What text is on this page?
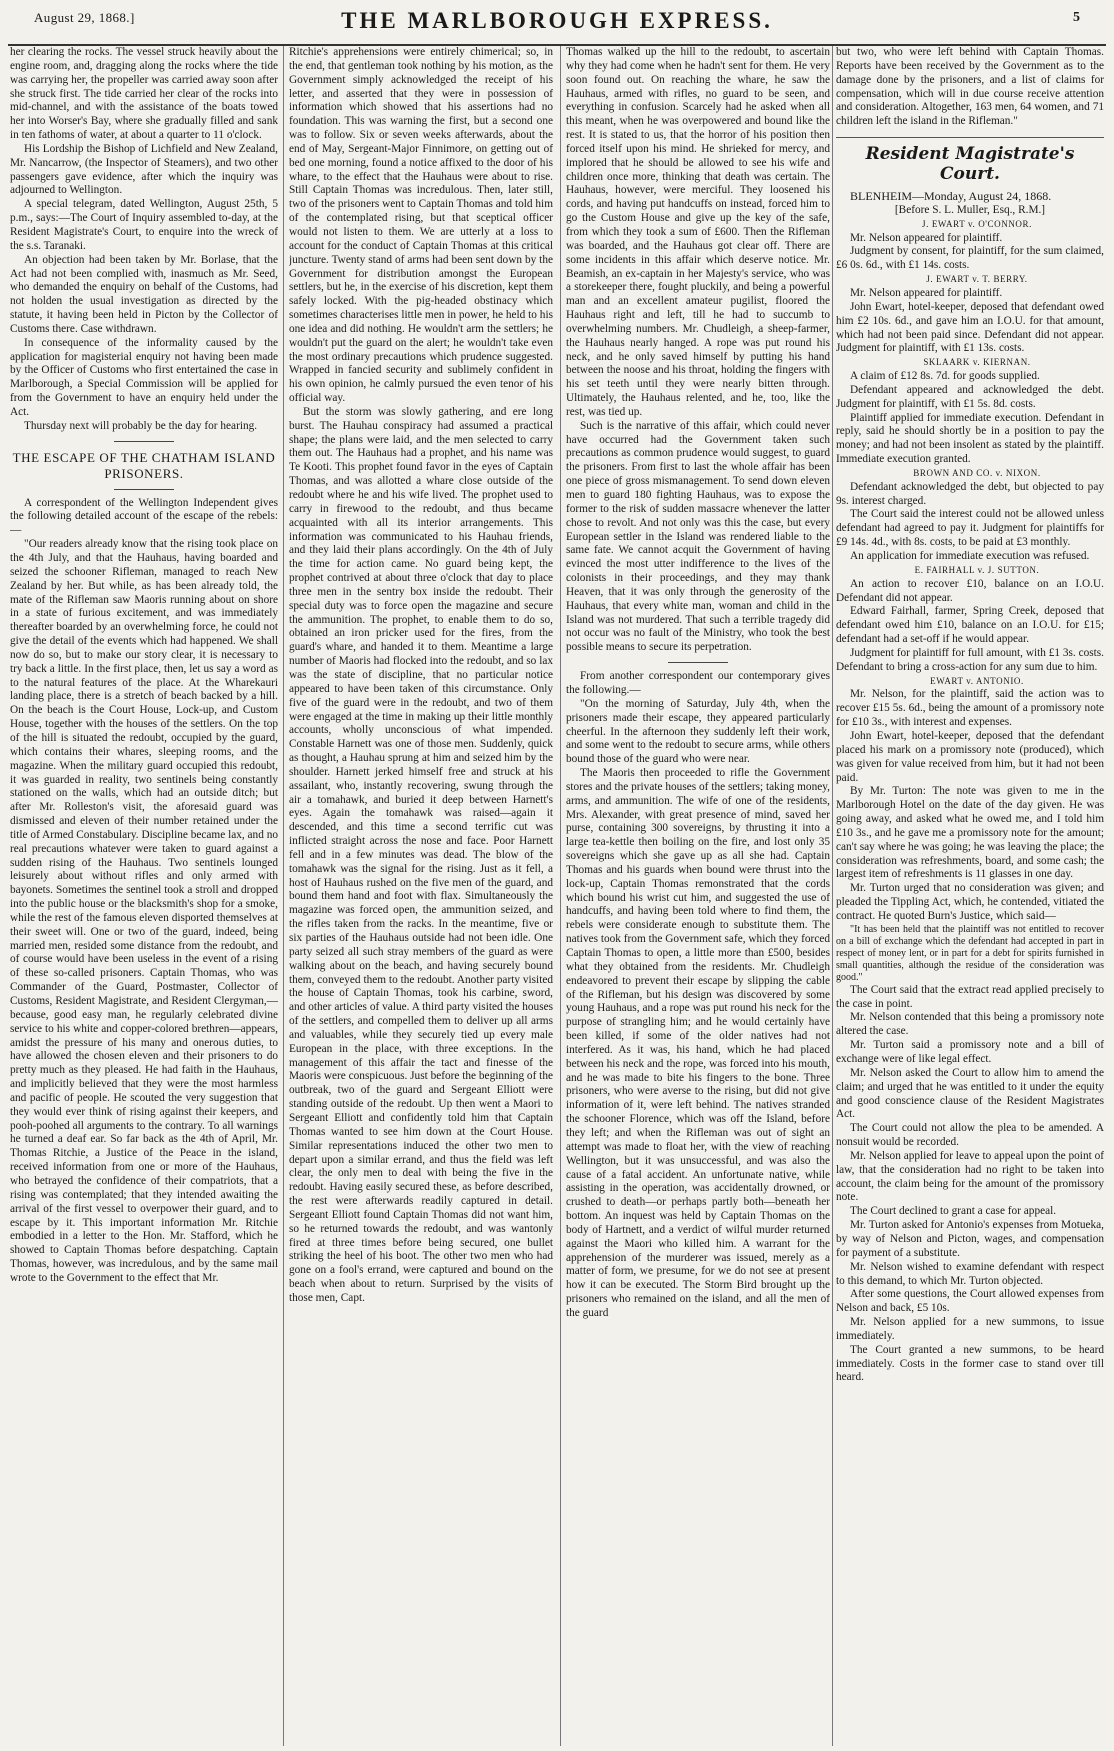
August 29, 1868.]	THE MARLBOROUGH EXPRESS.	5

her clearing the rocks. The vessel struck heavily about the engine room, and, dragging along the rocks where the tide was carrying her, the propeller was carried away soon after she struck first. The tide carried her clear of the rocks into mid-channel, and with the assistance of the boats towed her into Worser's Bay, where she gradually filled and sank in ten fathoms of water, at about a quarter to 11 o'clock.

His Lordship the Bishop of Lichfield and New Zealand, Mr. Nancarrow, (the Inspector of Steamers), and two other passengers gave evidence, after which the inquiry was adjourned to Wellington.

A special telegram, dated Wellington, August 25th, 5 p.m., says:—The Court of Inquiry assembled to-day, at the Resident Magistrate's Court, to enquire into the wreck of the s.s. Taranaki.

An objection had been taken by Mr. Borlase, that the Act had not been complied with, inasmuch as Mr. Seed, who demanded the enquiry on behalf of the Customs, had not holden the usual investigation as directed by the statute, it having been held in Picton by the Collector of Customs there. Case withdrawn.

In consequence of the informality caused by the application for magisterial enquiry not having been made by the Officer of Customs who first entertained the case in Marlborough, a Special Commission will be applied for from the Government to have an enquiry held under the Act.

Thursday next will probably be the day for hearing.

THE ESCAPE OF THE CHATHAM ISLAND PRISONERS.

A correspondent of the Wellington Independent gives the following detailed account of the escape of the rebels:—

"Our readers already know that the rising took place on the 4th July, and that the Hauhaus, having boarded and seized the schooner Rifleman, managed to reach New Zealand by her. But while, as has been already told, the mate of the Rifleman saw Maoris running about on shore in a state of furious excitement, and was immediately thereafter boarded by an overwhelming force, he could not give the detail of the events which had happened. We shall now do so, but to make our story clear, it is necessary to try back a little. In the first place, then, let us say a word as to the natural features of the place. At the Wharekauri landing place, there is a stretch of beach backed by a hill. On the beach is the Court House, Lock-up, and Custom House, together with the houses of the settlers. On the top of the hill is situated the redoubt, occupied by the guard, which contains their whares, sleeping rooms, and the magazine. When the military guard occupied this redoubt, it was guarded in reality, two sentinels being constantly stationed on the walls, which had an outside ditch; but after Mr. Rolleston's visit, the aforesaid guard was dismissed and eleven of their number retained under the title of Armed Constabulary. Discipline became lax, and no real precautions whatever were taken to guard against a sudden rising of the Hauhaus. Two sentinels lounged leisurely about without rifles and only armed with bayonets. Sometimes the sentinel took a stroll and dropped into the public house or the blacksmith's shop for a smoke, while the rest of the famous eleven disported themselves at their sweet will. One or two of the guard, indeed, being married men, resided some distance from the redoubt, and of course would have been useless in the event of a rising of these so-called prisoners. Captain Thomas, who was Commander of the Guard, Postmaster, Collector of Customs, Resident Magistrate, and Resident Clergyman,—because, good easy man, he regularly celebrated divine service to his white and copper-colored brethren—appears, amidst the pressure of his many and onerous duties, to have allowed the chosen eleven and their prisoners to do pretty much as they pleased. He had faith in the Hauhaus, and implicitly believed that they were the most harmless and pacific of people. He scouted the very suggestion that they would ever think of rising against their keepers, and pooh-poohed all arguments to the contrary. To all warnings he turned a deaf ear. So far back as the 4th of April, Mr. Thomas Ritchie, a Justice of the Peace in the island, received information from one or more of the Hauhaus, who betrayed the confidence of their compatriots, that a rising was contemplated; that they intended awaiting the arrival of the first vessel to overpower their guard, and to escape by it. This important information Mr. Ritchie embodied in a letter to the Hon. Mr. Stafford, which he showed to Captain Thomas before despatching. Captain Thomas, however, was incredulous, and by the same mail wrote to the Government to the effect that Mr.

Ritchie's apprehensions were entirely chimerical; so, in the end, that gentleman took nothing by his motion, as the Government simply acknowledged the receipt of his letter, and asserted that they were in possession of information which showed that his assertions had no foundation. This was warning the first, but a second one was to follow. Six or seven weeks afterwards, about the end of May, Sergeant-Major Finnimore, on getting out of bed one morning, found a notice affixed to the door of his whare, to the effect that the Hauhaus were about to rise. Still Captain Thomas was incredulous. Then, later still, two of the prisoners went to Captain Thomas and told him of the contemplated rising, but that sceptical officer would not listen to them. We are utterly at a loss to account for the conduct of Captain Thomas at this critical juncture. Twenty stand of arms had been sent down by the Government for distribution amongst the European settlers, but he, in the exercise of his discretion, kept them safely locked. With the pig-headed obstinacy which sometimes characterises little men in power, he held to his one idea and did nothing. He wouldn't arm the settlers; he wouldn't put the guard on the alert; he wouldn't take even the most ordinary precautions which prudence suggested. Wrapped in fancied security and sublimely confident in his own opinion, he calmly pursued the even tenor of his official way.

But the storm was slowly gathering, and ere long burst. The Hauhau conspiracy had assumed a practical shape; the plans were laid, and the men selected to carry them out. The Hauhaus had a prophet, and his name was Te Kooti. This prophet found favor in the eyes of Captain Thomas, and was allotted a whare close outside of the redoubt where he and his wife lived. The prophet used to carry in firewood to the redoubt, and thus became acquainted with all its interior arrangements. This information was communicated to his Hauhau friends, and they laid their plans accordingly. On the 4th of July the time for action came. No guard being kept, the prophet contrived at about three o'clock that day to place three men in the sentry box inside the redoubt. Their special duty was to force open the magazine and secure the ammunition. The prophet, to enable them to do so, obtained an iron pricker used for the fires, from the guard's whare, and handed it to them. Meantime a large number of Maoris had flocked into the redoubt, and so lax was the state of discipline, that no particular notice appeared to have been taken of this circumstance. Only five of the guard were in the redoubt, and two of them were engaged at the time in making up their little monthly accounts, wholly unconscious of what impended. Constable Harnett was one of those men. Suddenly, quick as thought, a Hauhau sprung at him and seized him by the shoulder. Harnett jerked himself free and struck at his assailant, who, instantly recovering, swung through the air a tomahawk, and buried it deep between Harnett's eyes. Again the tomahawk was raised—again it descended, and this time a second terrific cut was inflicted straight across the nose and face. Poor Harnett fell and in a few minutes was dead. The blow of the tomahawk was the signal for the rising. Just as it fell, a host of Hauhaus rushed on the five men of the guard, and bound them hand and foot with flax. Simultaneously the magazine was forced open, the ammunition seized, and the rifles taken from the racks. In the meantime, five or six parties of the Hauhaus outside had not been idle. One party seized all such stray members of the guard as were walking about on the beach, and having securely bound them, conveyed them to the redoubt. Another party visited the house of Captain Thomas, took his carbine, sword, and other articles of value. A third party visited the houses of the settlers, and compelled them to deliver up all arms and valuables, while they securely tied up every male European in the place, with three exceptions. In the management of this affair the tact and finesse of the Maoris were conspicuous. Just before the beginning of the outbreak, two of the guard and Sergeant Elliott were standing outside of the redoubt. Up then went a Maori to Sergeant Elliott and confidently told him that Captain Thomas wanted to see him down at the Court House. Similar representations induced the other two men to depart upon a similar errand, and thus the field was left clear, the only men to deal with being the five in the redoubt. Having easily secured these, as before described, the rest were afterwards readily captured in detail. Sergeant Elliott found Captain Thomas did not want him, so he returned towards the redoubt, and was wantonly fired at three times before being secured, one bullet striking the heel of his boot. The other two men who had gone on a fool's errand, were captured and bound on the beach when about to return. Surprised by the visits of those men, Capt.

Thomas walked up the hill to the redoubt, to ascertain why they had come when he hadn't sent for them. He very soon found out. On reaching the whare, he saw the Hauhaus, armed with rifles, no guard to be seen, and everything in confusion. Scarcely had he asked when all this meant, when he was overpowered and bound like the rest. It is stated to us, that the horror of his position then forced itself upon his mind. He shrieked for mercy, and implored that he should be allowed to see his wife and children once more, thinking that death was certain. The Hauhaus, however, were merciful. They loosened his cords, and having put handcuffs on instead, forced him to go the Custom House and give up the key of the safe, from which they took a sum of £600. Then the Rifleman was boarded, and the Hauhaus got clear off. There are some incidents in this affair which deserve notice. Mr. Beamish, an ex-captain in her Majesty's service, who was a storekeeper there, fought pluckily, and being a powerful man and an excellent amateur pugilist, floored the Hauhaus right and left, till he had to succumb to overwhelming numbers. Mr. Chudleigh, a sheep-farmer, the Hauhaus nearly hanged. A rope was put round his neck, and he only saved himself by putting his hand between the noose and his throat, holding the fingers with his set teeth until they were nearly bitten through. Ultimately, the Hauhaus relented, and he, too, like the rest, was tied up.

Such is the narrative of this affair, which could never have occurred had the Government taken such precautions as common prudence would suggest, to guard the prisoners. From first to last the whole affair has been one piece of gross mismanagement. To send down eleven men to guard 180 fighting Hauhaus, was to expose the former to the risk of sudden massacre whenever the latter chose to revolt. And not only was this the case, but every European settler in the Island was rendered liable to the same fate. We cannot acquit the Government of having evinced the most utter indifference to the lives of the colonists in their proceedings, and they may thank Heaven, that it was only through the generosity of the Hauhaus, that every white man, woman and child in the Island was not murdered. That such a terrible tragedy did not occur was no fault of the Ministry, who took the best possible means to secure its perpetration.

From another correspondent our contemporary gives the following.—

"On the morning of Saturday, July 4th, when the prisoners made their escape, they appeared particularly cheerful. In the afternoon they suddenly left their work, and some went to the redoubt to secure arms, while others bound those of the guard who were near.

The Maoris then proceeded to rifle the Government stores and the private houses of the settlers; taking money, arms, and ammunition. The wife of one of the residents, Mrs. Alexander, with great presence of mind, saved her purse, containing 300 sovereigns, by thrusting it into a large tea-kettle then boiling on the fire, and lost only 35 sovereigns which she gave up as all she had. Captain Thomas and his guards when bound were thrust into the lock-up, Captain Thomas remonstrated that the cords which bound his wrist cut him, and suggested the use of handcuffs, and having been told where to find them, the rebels were considerate enough to substitute them. The natives took from the Government safe, which they forced Captain Thomas to open, a little more than £500, besides what they obtained from the residents. Mr. Chudleigh endeavored to prevent their escape by slipping the cable of the Rifleman, but his design was discovered by some young Hauhaus, and a rope was put round his neck for the purpose of strangling him; and he would certainly have been killed, if some of the older natives had not interfered. As it was, his hand, which he had placed between his neck and the rope, was forced into his mouth, and he was made to bite his fingers to the bone. Three prisoners, who were averse to the rising, but did not give information of it, were left behind. The natives stranded the schooner Florence, which was off the Island, before they left; and when the Rifleman was out of sight an attempt was made to float her, with the view of reaching Wellington, but it was unsuccessful, and was also the cause of a fatal accident. An unfortunate native, while assisting in the operation, was accidentally drowned, or crushed to death—or perhaps partly both—beneath her bottom. An inquest was held by Captain Thomas on the body of Hartnett, and a verdict of wilful murder returned against the Maori who killed him. A warrant for the apprehension of the murderer was issued, merely as a matter of form, we presume, for we do not see at present how it can be executed. The Storm Bird brought up the prisoners who remained on the island, and all the men of the guard

but two, who were left behind with Captain Thomas. Reports have been received by the Government as to the damage done by the prisoners, and a list of claims for compensation, which will in due course receive attention and consideration. Altogether, 163 men, 64 women, and 71 children left the island in the Rifleman."

Resident Magistrate's Court.

BLENHEIM—Monday, August 24, 1868.

[Before S. L. Muller, Esq., R.M.]

J. EWART v. O'CONNOR.

Mr. Nelson appeared for plaintiff.

Judgment by consent, for plaintiff, for the sum claimed, £6 0s. 6d., with £1 14s. costs.

J. EWART v. T. BERRY.

Mr. Nelson appeared for plaintiff.

John Ewart, hotel-keeper, deposed that defendant owed him £2 10s. 6d., and gave him an I.O.U. for that amount, which had not been paid since. Defendant did not appear. Judgment for plaintiff, with £1 13s. costs.

SKLAARK v. KIERNAN.

A claim of £12 8s. 7d. for goods supplied.

Defendant appeared and acknowledged the debt. Judgment for plaintiff, with £1 5s. 8d. costs.

Plaintiff applied for immediate execution. Defendant in reply, said he should shortly be in a position to pay the money; and had not been insolent as stated by the plaintiff. Immediate execution granted.

BROWN AND CO. v. NIXON.

Defendant acknowledged the debt, but objected to pay 9s. interest charged.

The Court said the interest could not be allowed unless defendant had agreed to pay it. Judgment for plaintiffs for £9 14s. 4d., with 8s. costs, to be paid at £3 monthly.

An application for immediate execution was refused.

E. FAIRHALL v. J. SUTTON.

An action to recover £10, balance on an I.O.U. Defendant did not appear.

Edward Fairhall, farmer, Spring Creek, deposed that defendant owed him £10, balance on an I.O.U. for £15; defendant had a set-off if he would appear.

Judgment for plaintiff for full amount, with £1 3s. costs. Defendant to bring a cross-action for any sum due to him.

EWART v. ANTONIO.

Mr. Nelson, for the plaintiff, said the action was to recover £15 5s. 6d., being the amount of a promissory note for £10 3s., with interest and expenses.

John Ewart, hotel-keeper, deposed that the defendant placed his mark on a promissory note (produced), which was given for value received from him, but it had not been paid.

By Mr. Turton: The note was given to me in the Marlborough Hotel on the date of the day given. He was going away, and asked what he owed me, and I told him £10 3s., and he gave me a promissory note for the amount; can't say where he was going; he was leaving the place; the consideration was refreshments, board, and some cash; the largest item of refreshments is 11 glasses in one day.

Mr. Turton urged that no consideration was given; and pleaded the Tippling Act, which, he contended, vitiated the contract. He quoted Burn's Justice, which said—

"It has been held that the plaintiff was not entitled to recover on a bill of exchange which the defendant had accepted in part in respect of money lent, or in part for a debt for spirits furnished in small quantities, although the residue of the consideration was good."

The Court said that the extract read applied precisely to the case in point.

Mr. Nelson contended that this being a promissory note altered the case.

Mr. Turton said a promissory note and a bill of exchange were of like legal effect.

Mr. Nelson asked the Court to allow him to amend the claim; and urged that he was entitled to it under the equity and good conscience clause of the Resident Magistrates Act.

The Court could not allow the plea to be amended. A nonsuit would be recorded.

Mr. Nelson applied for leave to appeal upon the point of law, that the consideration had no right to be taken into account, the claim being for the amount of the promissory note.

The Court declined to grant a case for appeal.

Mr. Turton asked for Antonio's expenses from Motueka, by way of Nelson and Picton, wages, and compensation for payment of a substitute.

Mr. Nelson wished to examine defendant with respect to this demand, to which Mr. Turton objected.

After some questions, the Court allowed expenses from Nelson and back, £5 10s.

Mr. Nelson applied for a new summons, to issue immediately.

The Court granted a new summons, to be heard immediately. Costs in the former case to stand over till heard.
